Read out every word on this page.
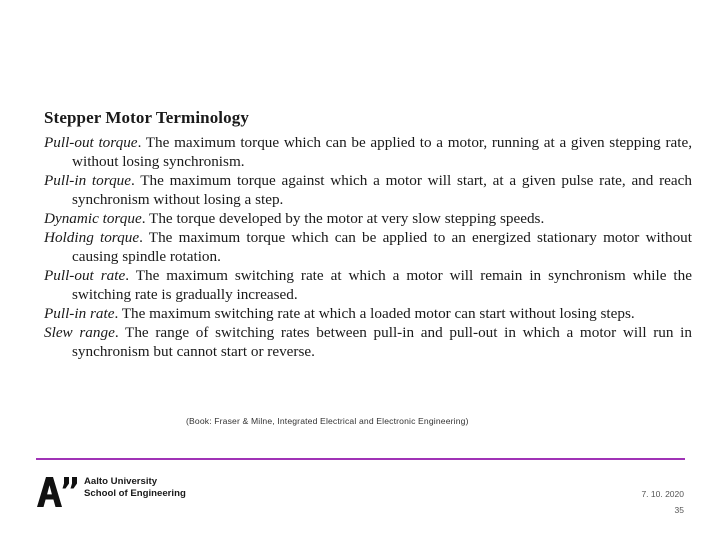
Stepper Motor Terminology

Pull-out torque. The maximum torque which can be applied to a motor, running at a given stepping rate, without losing synchronism.

Pull-in torque. The maximum torque against which a motor will start, at a given pulse rate, and reach synchronism without losing a step.

Dynamic torque. The torque developed by the motor at very slow stepping speeds.

Holding torque. The maximum torque which can be applied to an energized stationary motor without causing spindle rotation.

Pull-out rate. The maximum switching rate at which a motor will remain in synchronism while the switching rate is gradually increased.

Pull-in rate. The maximum switching rate at which a loaded motor can start without losing steps.

Slew range. The range of switching rates between pull-in and pull-out in which a motor will run in synchronism but cannot start or reverse.

(Book: Fraser & Milne, Integrated Electrical and Electronic Engineering)
Aalto University
School of Engineering	7. 10. 2020
35
